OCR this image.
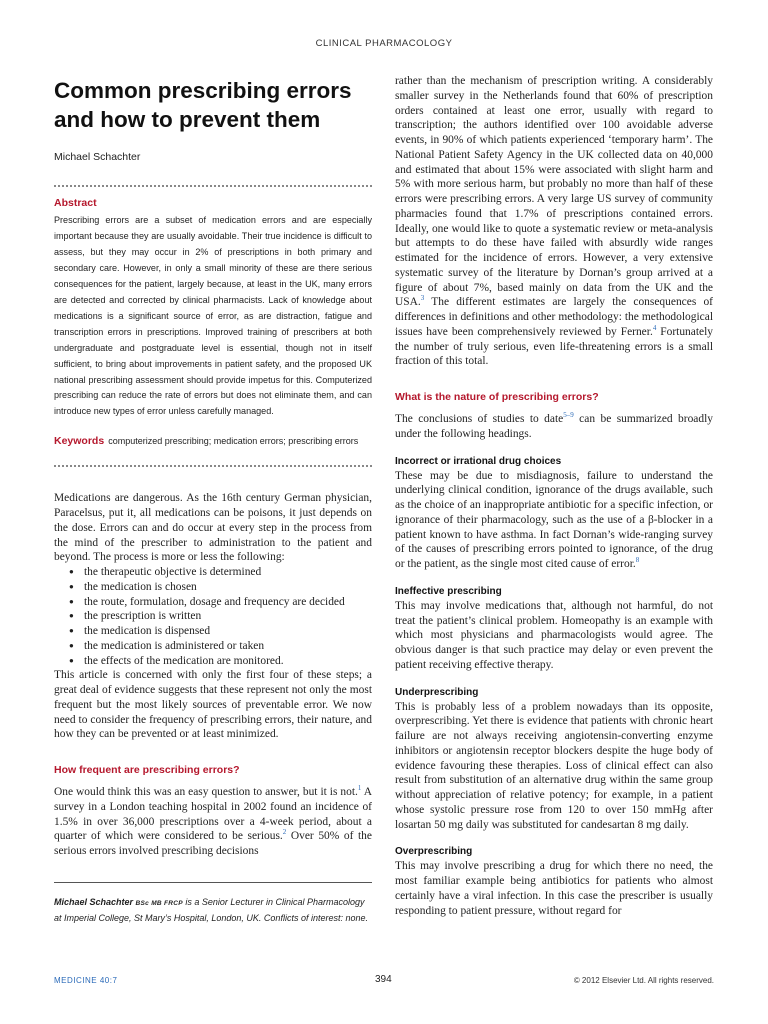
CLINICAL PHARMACOLOGY
Common prescribing errors and how to prevent them

Michael Schachter

Abstract

Prescribing errors are a subset of medication errors and are especially important because they are usually avoidable. Their true incidence is difficult to assess, but they may occur in 2% of prescriptions in both primary and secondary care. However, in only a small minority of these are there serious consequences for the patient, largely because, at least in the UK, many errors are detected and corrected by clinical pharmacists. Lack of knowledge about medications is a significant source of error, as are distraction, fatigue and transcription errors in prescriptions. Improved training of prescribers at both undergraduate and postgraduate level is essential, though not in itself sufficient, to bring about improvements in patient safety, and the proposed UK national prescribing assessment should provide impetus for this. Computerized prescribing can reduce the rate of errors but does not eliminate them, and can introduce new types of error unless carefully managed.

Keywords computerized prescribing; medication errors; prescribing errors

Medications are dangerous. As the 16th century German physician, Paracelsus, put it, all medications can be poisons, it just depends on the dose. Errors can and do occur at every step in the process from the mind of the prescriber to administration to the patient and beyond. The process is more or less the following:

● the therapeutic objective is determined
● the medication is chosen
● the route, formulation, dosage and frequency are decided
● the prescription is written
● the medication is dispensed
● the medication is administered or taken
● the effects of the medication are monitored.

This article is concerned with only the first four of these steps; a great deal of evidence suggests that these represent not only the most frequent but the most likely sources of preventable error. We now need to consider the frequency of prescribing errors, their nature, and how they can be prevented or at least minimized.

How frequent are prescribing errors?

One would think this was an easy question to answer, but it is not.$^1$ A survey in a London teaching hospital in 2002 found an incidence of 1.5% in over 36,000 prescriptions over a 4-week period, about a quarter of which were considered to be serious.$^2$ Over 50% of the serious errors involved prescribing decisions

Michael Schachter BSc MB FRCP is a Senior Lecturer in Clinical Pharmacology at Imperial College, St Mary’s Hospital, London, UK. Conflicts of interest: none.

rather than the mechanism of prescription writing. A considerably smaller survey in the Netherlands found that 60% of prescription orders contained at least one error, usually with regard to transcription; the authors identified over 100 avoidable adverse events, in 90% of which patients experienced ‘temporary harm’. The National Patient Safety Agency in the UK collected data on 40,000 and estimated that about 15% were associated with slight harm and 5% with more serious harm, but probably no more than half of these errors were prescribing errors. A very large US survey of community pharmacies found that 1.7% of prescriptions contained errors. Ideally, one would like to quote a systematic review or meta-analysis but attempts to do these have failed with absurdly wide ranges estimated for the incidence of errors. However, a very extensive systematic survey of the literature by Dornan’s group arrived at a figure of about 7%, based mainly on data from the UK and the USA.$^3$ The different estimates are largely the consequences of differences in definitions and other methodology: the methodological issues have been comprehensively reviewed by Ferner.$^4$ Fortunately the number of truly serious, even life-threatening errors is a small fraction of this total.

What is the nature of prescribing errors?

The conclusions of studies to date$^{5-9}$ can be summarized broadly under the following headings.

Incorrect or irrational drug choices

These may be due to misdiagnosis, failure to understand the underlying clinical condition, ignorance of the drugs available, such as the choice of an inappropriate antibiotic for a specific infection, or ignorance of their pharmacology, such as the use of a β-blocker in a patient known to have asthma. In fact Dornan’s wide-ranging survey of the causes of prescribing errors pointed to ignorance, of the drug or the patient, as the single most cited cause of error.$^8$

Ineffective prescribing

This may involve medications that, although not harmful, do not treat the patient’s clinical problem. Homeopathy is an example with which most physicians and pharmacologists would agree. The obvious danger is that such practice may delay or even prevent the patient receiving effective therapy.

Underprescribing

This is probably less of a problem nowadays than its opposite, overprescribing. Yet there is evidence that patients with chronic heart failure are not always receiving angiotensin-converting enzyme inhibitors or angiotensin receptor blockers despite the huge body of evidence favouring these therapies. Loss of clinical effect can also result from substitution of an alternative drug within the same group without appreciation of relative potency; for example, in a patient whose systolic pressure rose from 120 to over 150 mmHg after losartan 50 mg daily was substituted for candesartan 8 mg daily.

Overprescribing

This may involve prescribing a drug for which there no need, the most familiar example being antibiotics for patients who almost certainly have a viral infection. In this case the prescriber is usually responding to patient pressure, without regard for

MEDICINE 40:7	394	© 2012 Elsevier Ltd. All rights reserved.
